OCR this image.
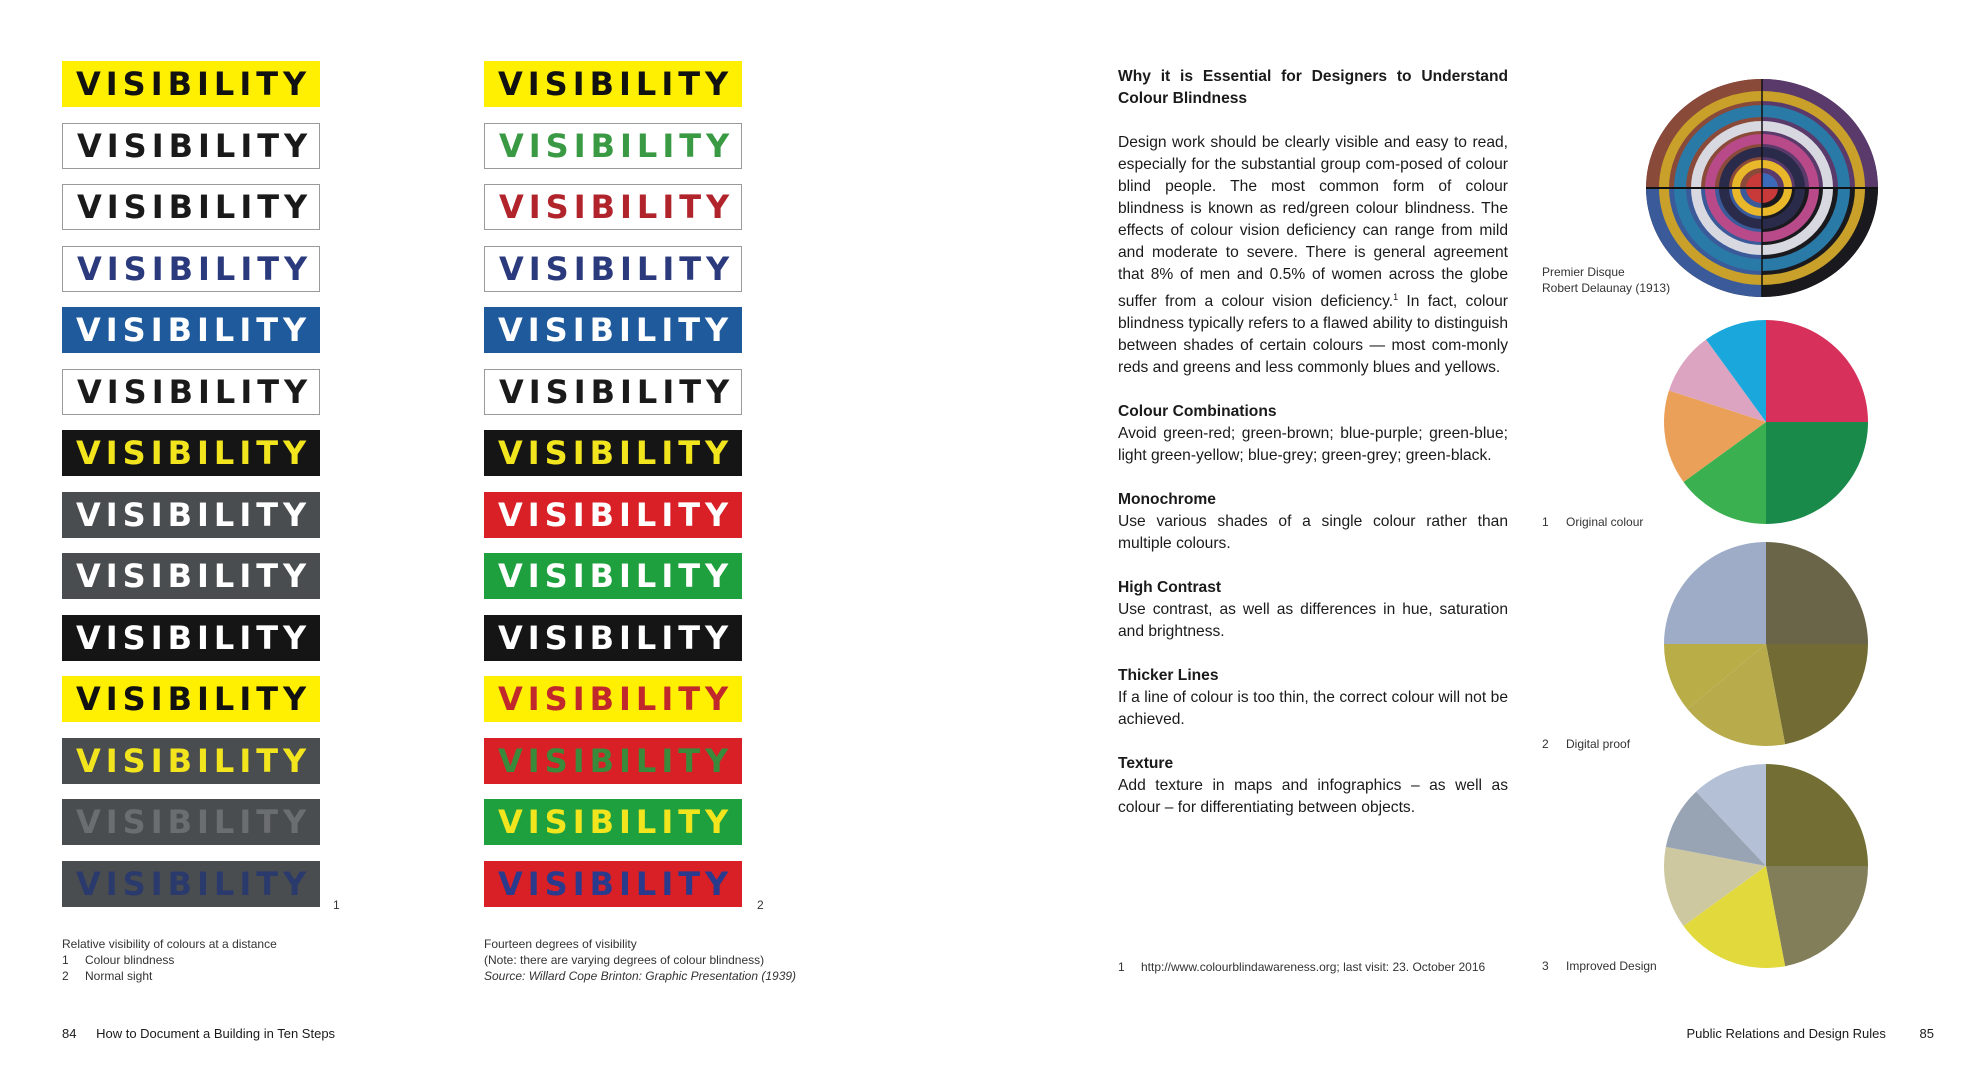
VISIBILITY
VISIBILITY
VISIBILITY
VISIBILITY
VISIBILITY
VISIBILITY
VISIBILITY
VISIBILITY
VISIBILITY
VISIBILITY
VISIBILITY
VISIBILITY
VISIBILITY
VISIBILITY
VISIBILITY
VISIBILITY
VISIBILITY
VISIBILITY
VISIBILITY
VISIBILITY
VISIBILITY
VISIBILITY
VISIBILITY
VISIBILITY
VISIBILITY
VISIBILITY
VISIBILITY
VISIBILITY
1	2
Relative visibility of colours at a distance
1	Colour blindness
2	Normal sight
Fourteen degrees of visibility
(Note: there are varying degrees of colour blindness)
Source: Willard Cope Brinton: Graphic Presentation (1939)

Why it is Essential for Designers to Understand Colour Blindness

Design work should be clearly visible and easy to read, especially for the substantial group com-posed of colour blind people. The most common form of colour blindness is known as red/green colour blindness. The effects of colour vision deficiency can range from mild and moderate to severe. There is general agreement that 8% of men and 0.5% of women across the globe suffer from a colour vision deficiency.$^1$ In fact, colour blindness typically refers to a flawed ability to distinguish between shades of certain colours — most com-monly reds and greens and less commonly blues and yellows.

Colour Combinations

Avoid green-red; green-brown; blue-purple; green-blue; light green-yellow; blue-grey; green-grey; green-black.

Monochrome

Use various shades of a single colour rather than multiple colours.

High Contrast

Use contrast, as well as differences in hue, saturation and brightness.

Thicker Lines

If a line of colour is too thin, the correct colour will not be achieved.

Texture

Add texture in maps and infographics – as well as colour – for differentiating between objects.

1	http://www.colourblindawareness.org; last visit: 23. October 2016
Premier Disque
Robert Delaunay (1913)
1	Original colour
2	Digital proof
3	Improved Design
84 How to Document a Building in Ten Steps	Public Relations and Design Rules	85
